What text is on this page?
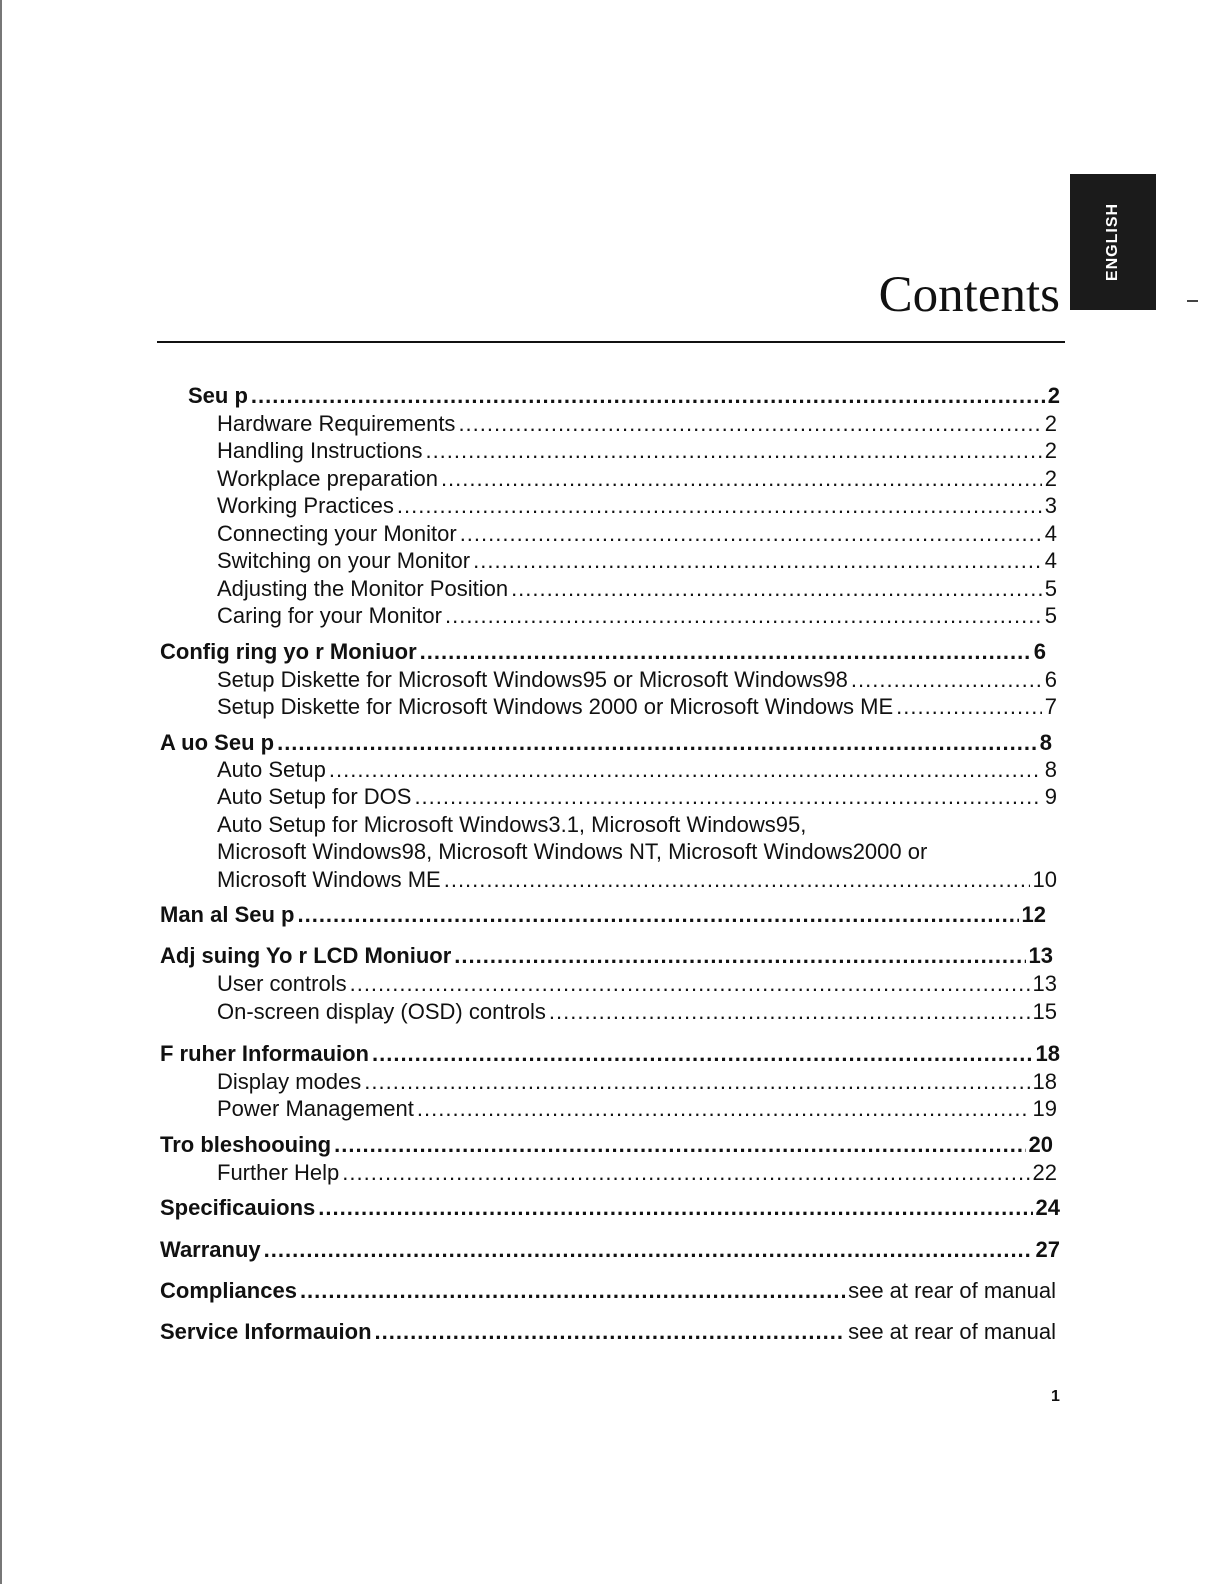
ENGLISH
Contents
Seu p .....	2
Hardware Requirements .....	2
Handling Instructions .....	2
Workplace preparation .....	2
Working Practices .....	3
Connecting your Monitor .....	4
Switching on your Monitor .....	4
Adjusting the Monitor Position .....	5
Caring for your Monitor .....	5
Config ring yo r Moniuor .....	6
Setup Diskette for Microsoft Windows95 or Microsoft Windows98 .....	6
Setup Diskette for Microsoft Windows 2000 or Microsoft Windows ME .....	7
A uo Seu p .....	8
Auto Setup .....	8
Auto Setup for DOS .....	9
Auto Setup for Microsoft Windows3.1, Microsoft Windows95,
Microsoft Windows98, Microsoft Windows NT, Microsoft Windows2000 or
Microsoft Windows ME .....	10
Man al Seu p .....	12
Adj suing Yo r LCD Moniuor .....	13
User controls .....	13
On-screen display (OSD) controls .....	15
F ruher Informauion .....	18
Display modes .....	18
Power Management .....	19
Tro bleshoouing .....	20
Further Help .....	22
Specificauions .....	24
Warranuy .....	27
Compliances .....	see at rear of manual
Service Informauion .....	see at rear of manual
1
